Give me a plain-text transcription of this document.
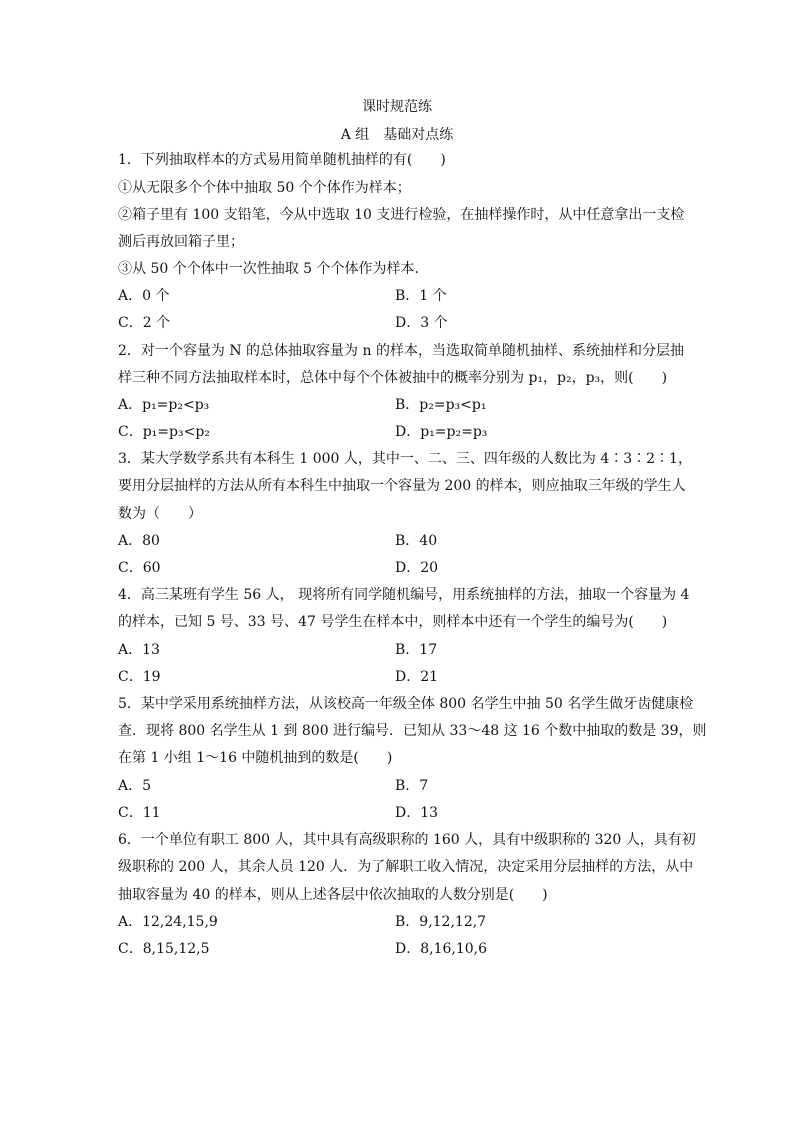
课时规范练
A 组　基础对点练
1．下列抽取样本的方式易用简单随机抽样的有(　　)
①从无限多个个体中抽取 50 个个体作为样本；
②箱子里有 100 支铅笔，今从中选取 10 支进行检验，在抽样操作时，从中任意拿出一支检
测后再放回箱子里；
③从 50 个个体中一次性抽取 5 个个体作为样本．
A．0 个	B．1 个
C．2 个	D．3 个
2．对一个容量为 N 的总体抽取容量为 n 的样本，当选取简单随机抽样、系统抽样和分层抽
样三种不同方法抽取样本时，总体中每个个体被抽中的概率分别为 p₁，p₂，p₃，则(　　)
A．p₁=p₂<p₃	B．p₂=p₃<p₁
C．p₁=p₃<p₂	D．p₁=p₂=p₃
3．某大学数学系共有本科生 1 000 人，其中一、二、三、四年级的人数比为 4∶3∶2∶1，
要用分层抽样的方法从所有本科生中抽取一个容量为 200 的样本，则应抽取三年级的学生人
数为（　　）
A．80	B．40
C．60	D．20
4．高三某班有学生 56 人， 现将所有同学随机编号，用系统抽样的方法，抽取一个容量为 4
的样本，已知 5 号、33 号、47 号学生在样本中，则样本中还有一个学生的编号为(　　)
A．13	B．17
C．19	D．21
5．某中学采用系统抽样方法，从该校高一年级全体 800 名学生中抽 50 名学生做牙齿健康检
查．现将 800 名学生从 1 到 800 进行编号．已知从 33～48 这 16 个数中抽取的数是 39，则
在第 1 小组 1～16 中随机抽到的数是(　　)
A．5	B．7
C．11	D．13
6．一个单位有职工 800 人，其中具有高级职称的 160 人，具有中级职称的 320 人，具有初
级职称的 200 人，其余人员 120 人．为了解职工收入情况，决定采用分层抽样的方法，从中
抽取容量为 40 的样本，则从上述各层中依次抽取的人数分别是(　　)
A．12,24,15,9	B．9,12,12,7
C．8,15,12,5	D．8,16,10,6
